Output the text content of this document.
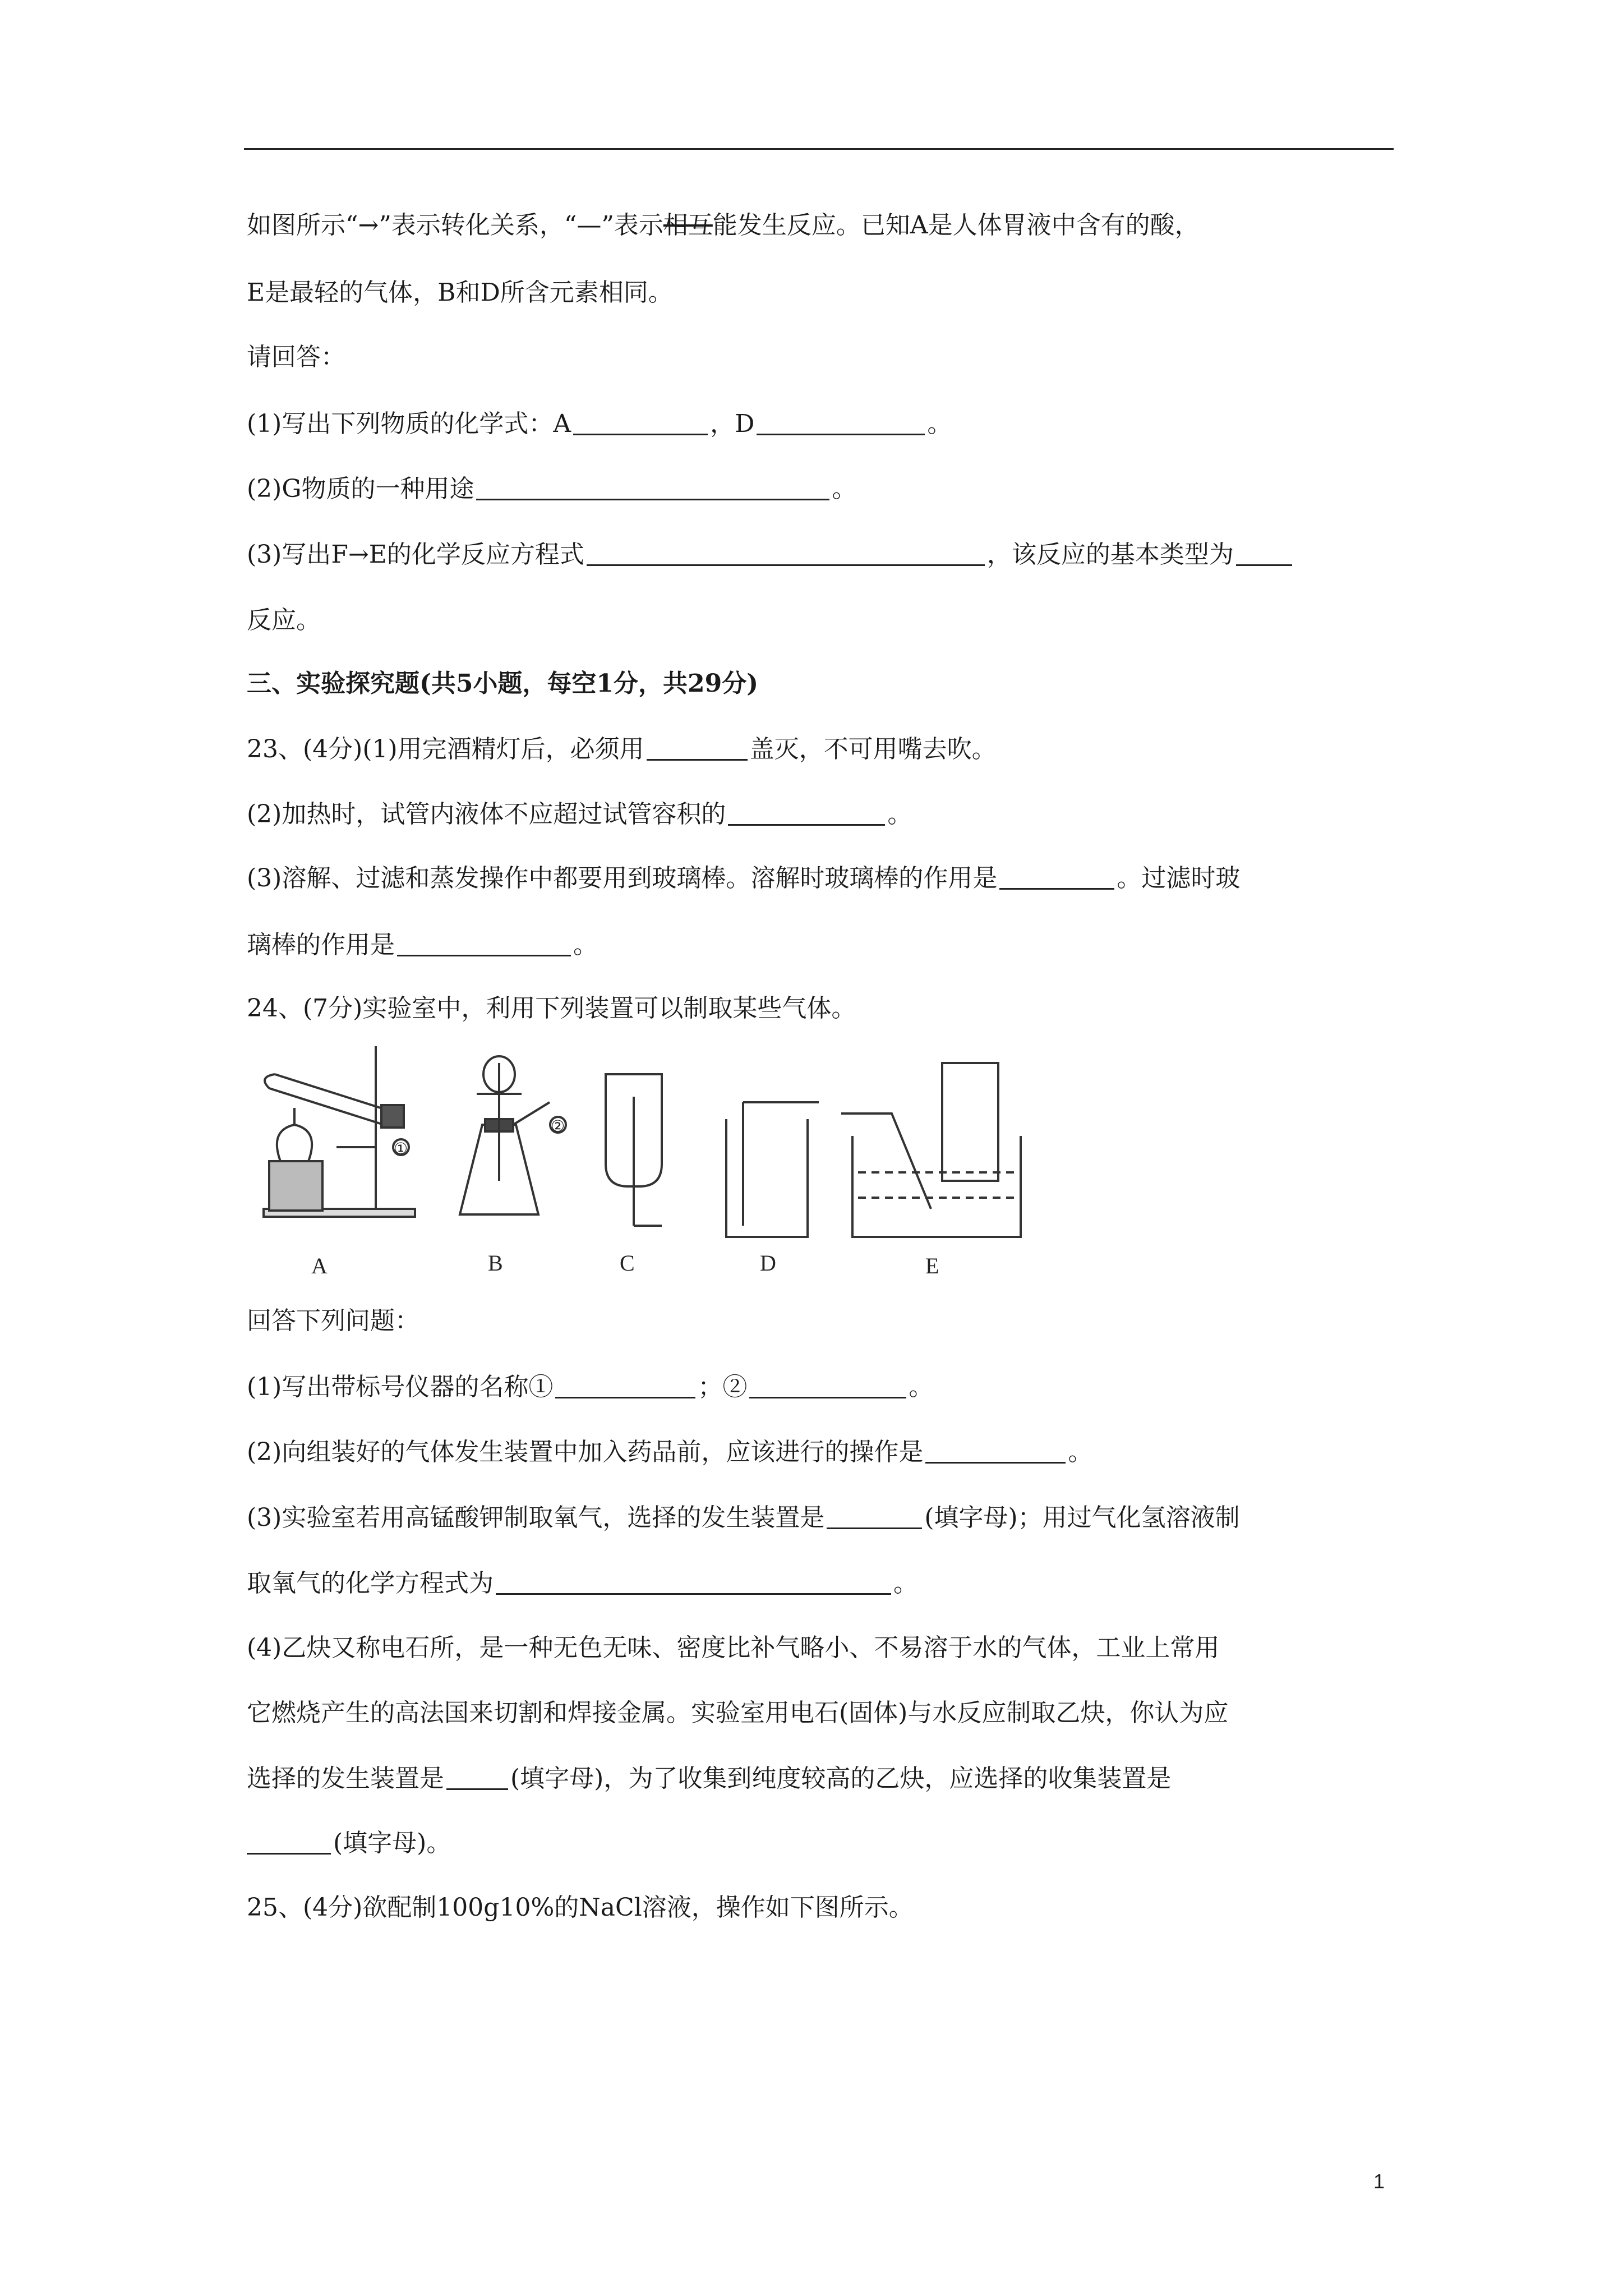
如图所示“→”表示转化关系，“—”表示相互能发生反应。已知A是人体胃液中含有的酸，
E是最轻的气体，B和D所含元素相同。
请回答：
(1)写出下列物质的化学式：A	，D	。
(2)G物质的一种用途	。
(3)写出F→E的化学反应方程式	，该反应的基本类型为
反应。
三、实验探究题(共5小题，每空1分，共29分)
23、(4分)(1)用完酒精灯后，必须用	盖灭，不可用嘴去吹。
(2)加热时，试管内液体不应超过试管容积的	。
(3)溶解、过滤和蒸发操作中都要用到玻璃棒。溶解时玻璃棒的作用是	。过滤时玻
璃棒的作用是	。
24、(7分)实验室中，利用下列装置可以制取某些气体。
A	B	C	D	E
①
②
回答下列问题：
(1)写出带标号仪器的名称①	；②	。
(2)向组装好的气体发生装置中加入药品前，应该进行的操作是	。
(3)实验室若用高锰酸钾制取氧气，选择的发生装置是	(填字母)；用过气化氢溶液制
取氧气的化学方程式为	。
(4)乙炔又称电石所，是一种无色无味、密度比补气略小、不易溶于水的气体，工业上常用
它燃烧产生的高法国来切割和焊接金属。实验室用电石(固体)与水反应制取乙炔，你认为应
选择的发生装置是	(填字母)，为了收集到纯度较高的乙炔，应选择的收集装置是
(填字母)。
25、(4分)欲配制100g10%的NaCl溶液，操作如下图所示。
1
